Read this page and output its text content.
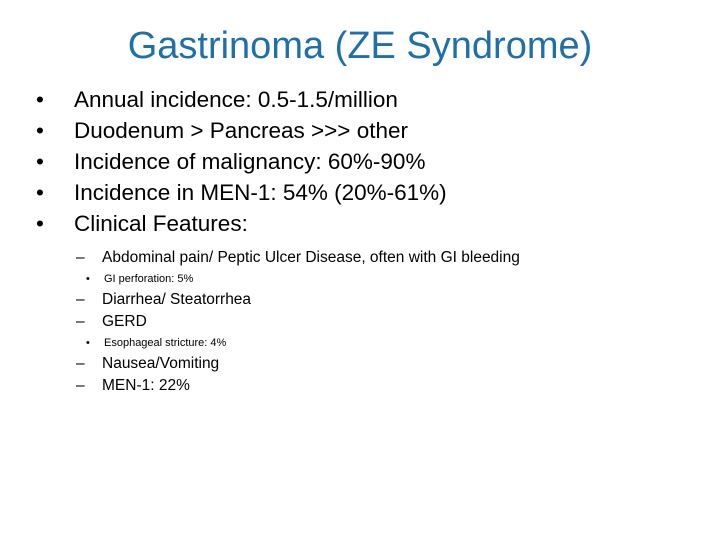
Gastrinoma (ZE Syndrome)
•	Annual incidence: 0.5-1.5/million
•	Duodenum > Pancreas >>> other
•	Incidence of malignancy: 60%-90%
•	Incidence in MEN-1: 54% (20%-61%)
•	Clinical Features:
– Abdominal pain/ Peptic Ulcer Disease, often with GI bleeding
• GI perforation: 5%
– Diarrhea/ Steatorrhea
– GERD
• Esophageal stricture: 4%
– Nausea/Vomiting
– MEN-1: 22%
